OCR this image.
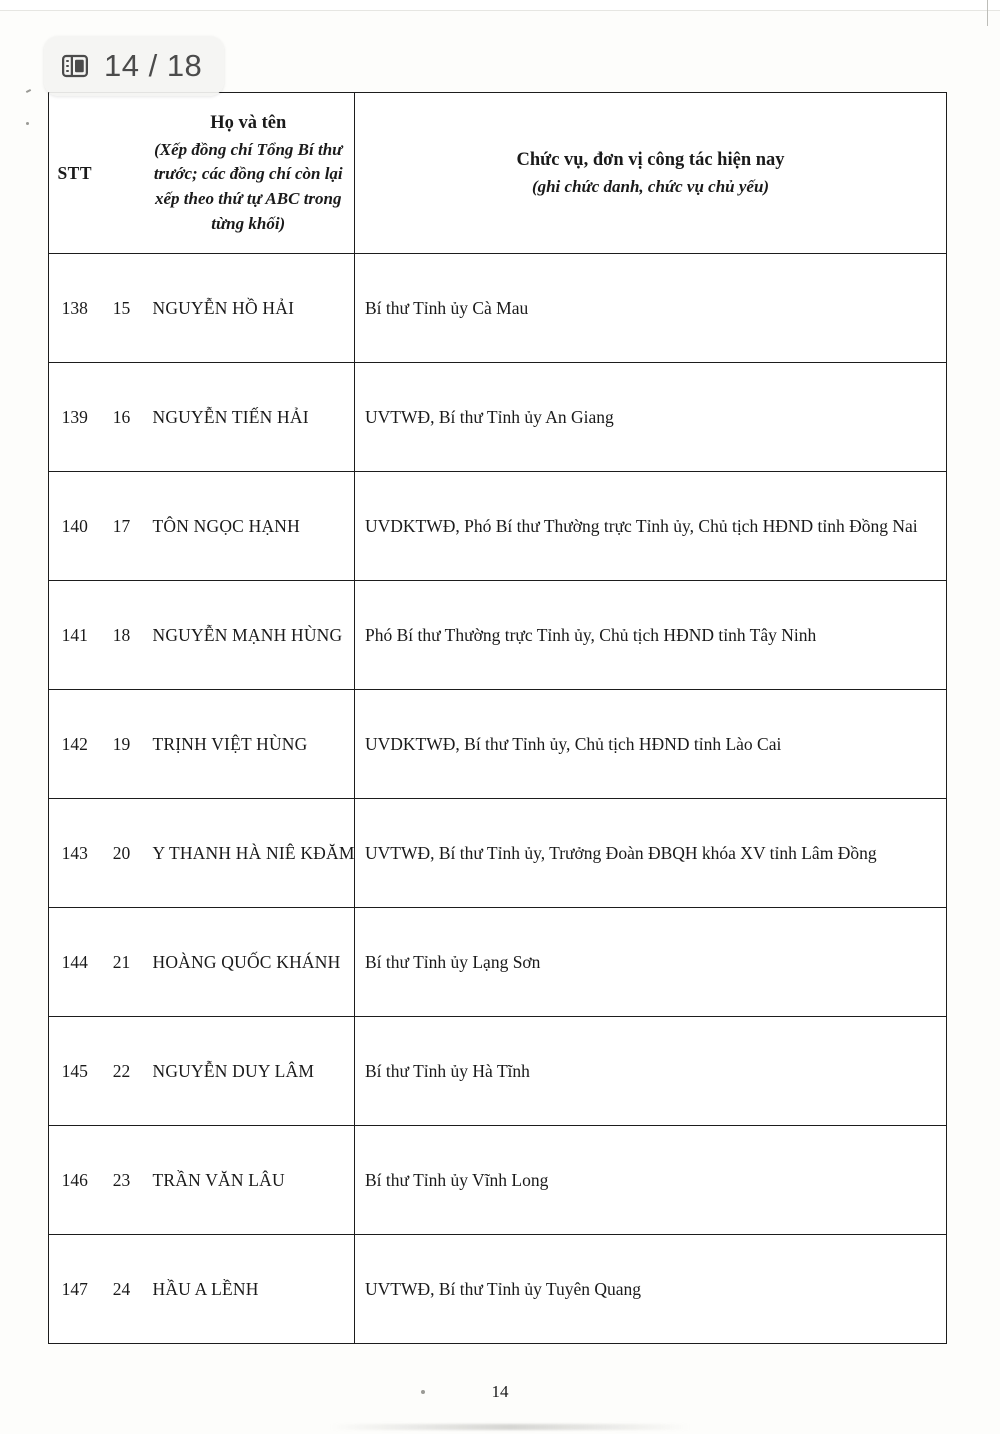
14 / 18
STT		
Họ và tên
(Xếp đồng chí Tổng Bí thư trước; các đồng chí còn lại xếp theo thứ tự ABC trong từng khối)

Chức vụ, đơn vị công tác hiện nay
(ghi chức danh, chức vụ chủ yếu)

138	15	NGUYỄN HỒ HẢI	Bí thư Tỉnh ủy Cà Mau
139	16	NGUYỄN TIẾN HẢI	UVTWĐ, Bí thư Tỉnh ủy An Giang
140	17	TÔN NGỌC HẠNH	UVDKTWĐ, Phó Bí thư Thường trực Tỉnh ủy, Chủ tịch HĐND tỉnh Đồng Nai
141	18	NGUYỄN MẠNH HÙNG	Phó Bí thư Thường trực Tỉnh ủy, Chủ tịch HĐND tỉnh Tây Ninh
142	19	TRỊNH VIỆT HÙNG	UVDKTWĐ, Bí thư Tỉnh ủy, Chủ tịch HĐND tỉnh Lào Cai
143	20	Y THANH HÀ NIÊ KĐĂM	UVTWĐ, Bí thư Tỉnh ủy, Trưởng Đoàn ĐBQH khóa XV tỉnh Lâm Đồng
144	21	HOÀNG QUỐC KHÁNH	Bí thư Tỉnh ủy Lạng Sơn
145	22	NGUYỄN DUY LÂM	Bí thư Tỉnh ủy Hà Tĩnh
146	23	TRẦN VĂN LÂU	Bí thư Tỉnh ủy Vĩnh Long
147	24	HẦU A LỀNH	UVTWĐ, Bí thư Tỉnh ủy Tuyên Quang
14
